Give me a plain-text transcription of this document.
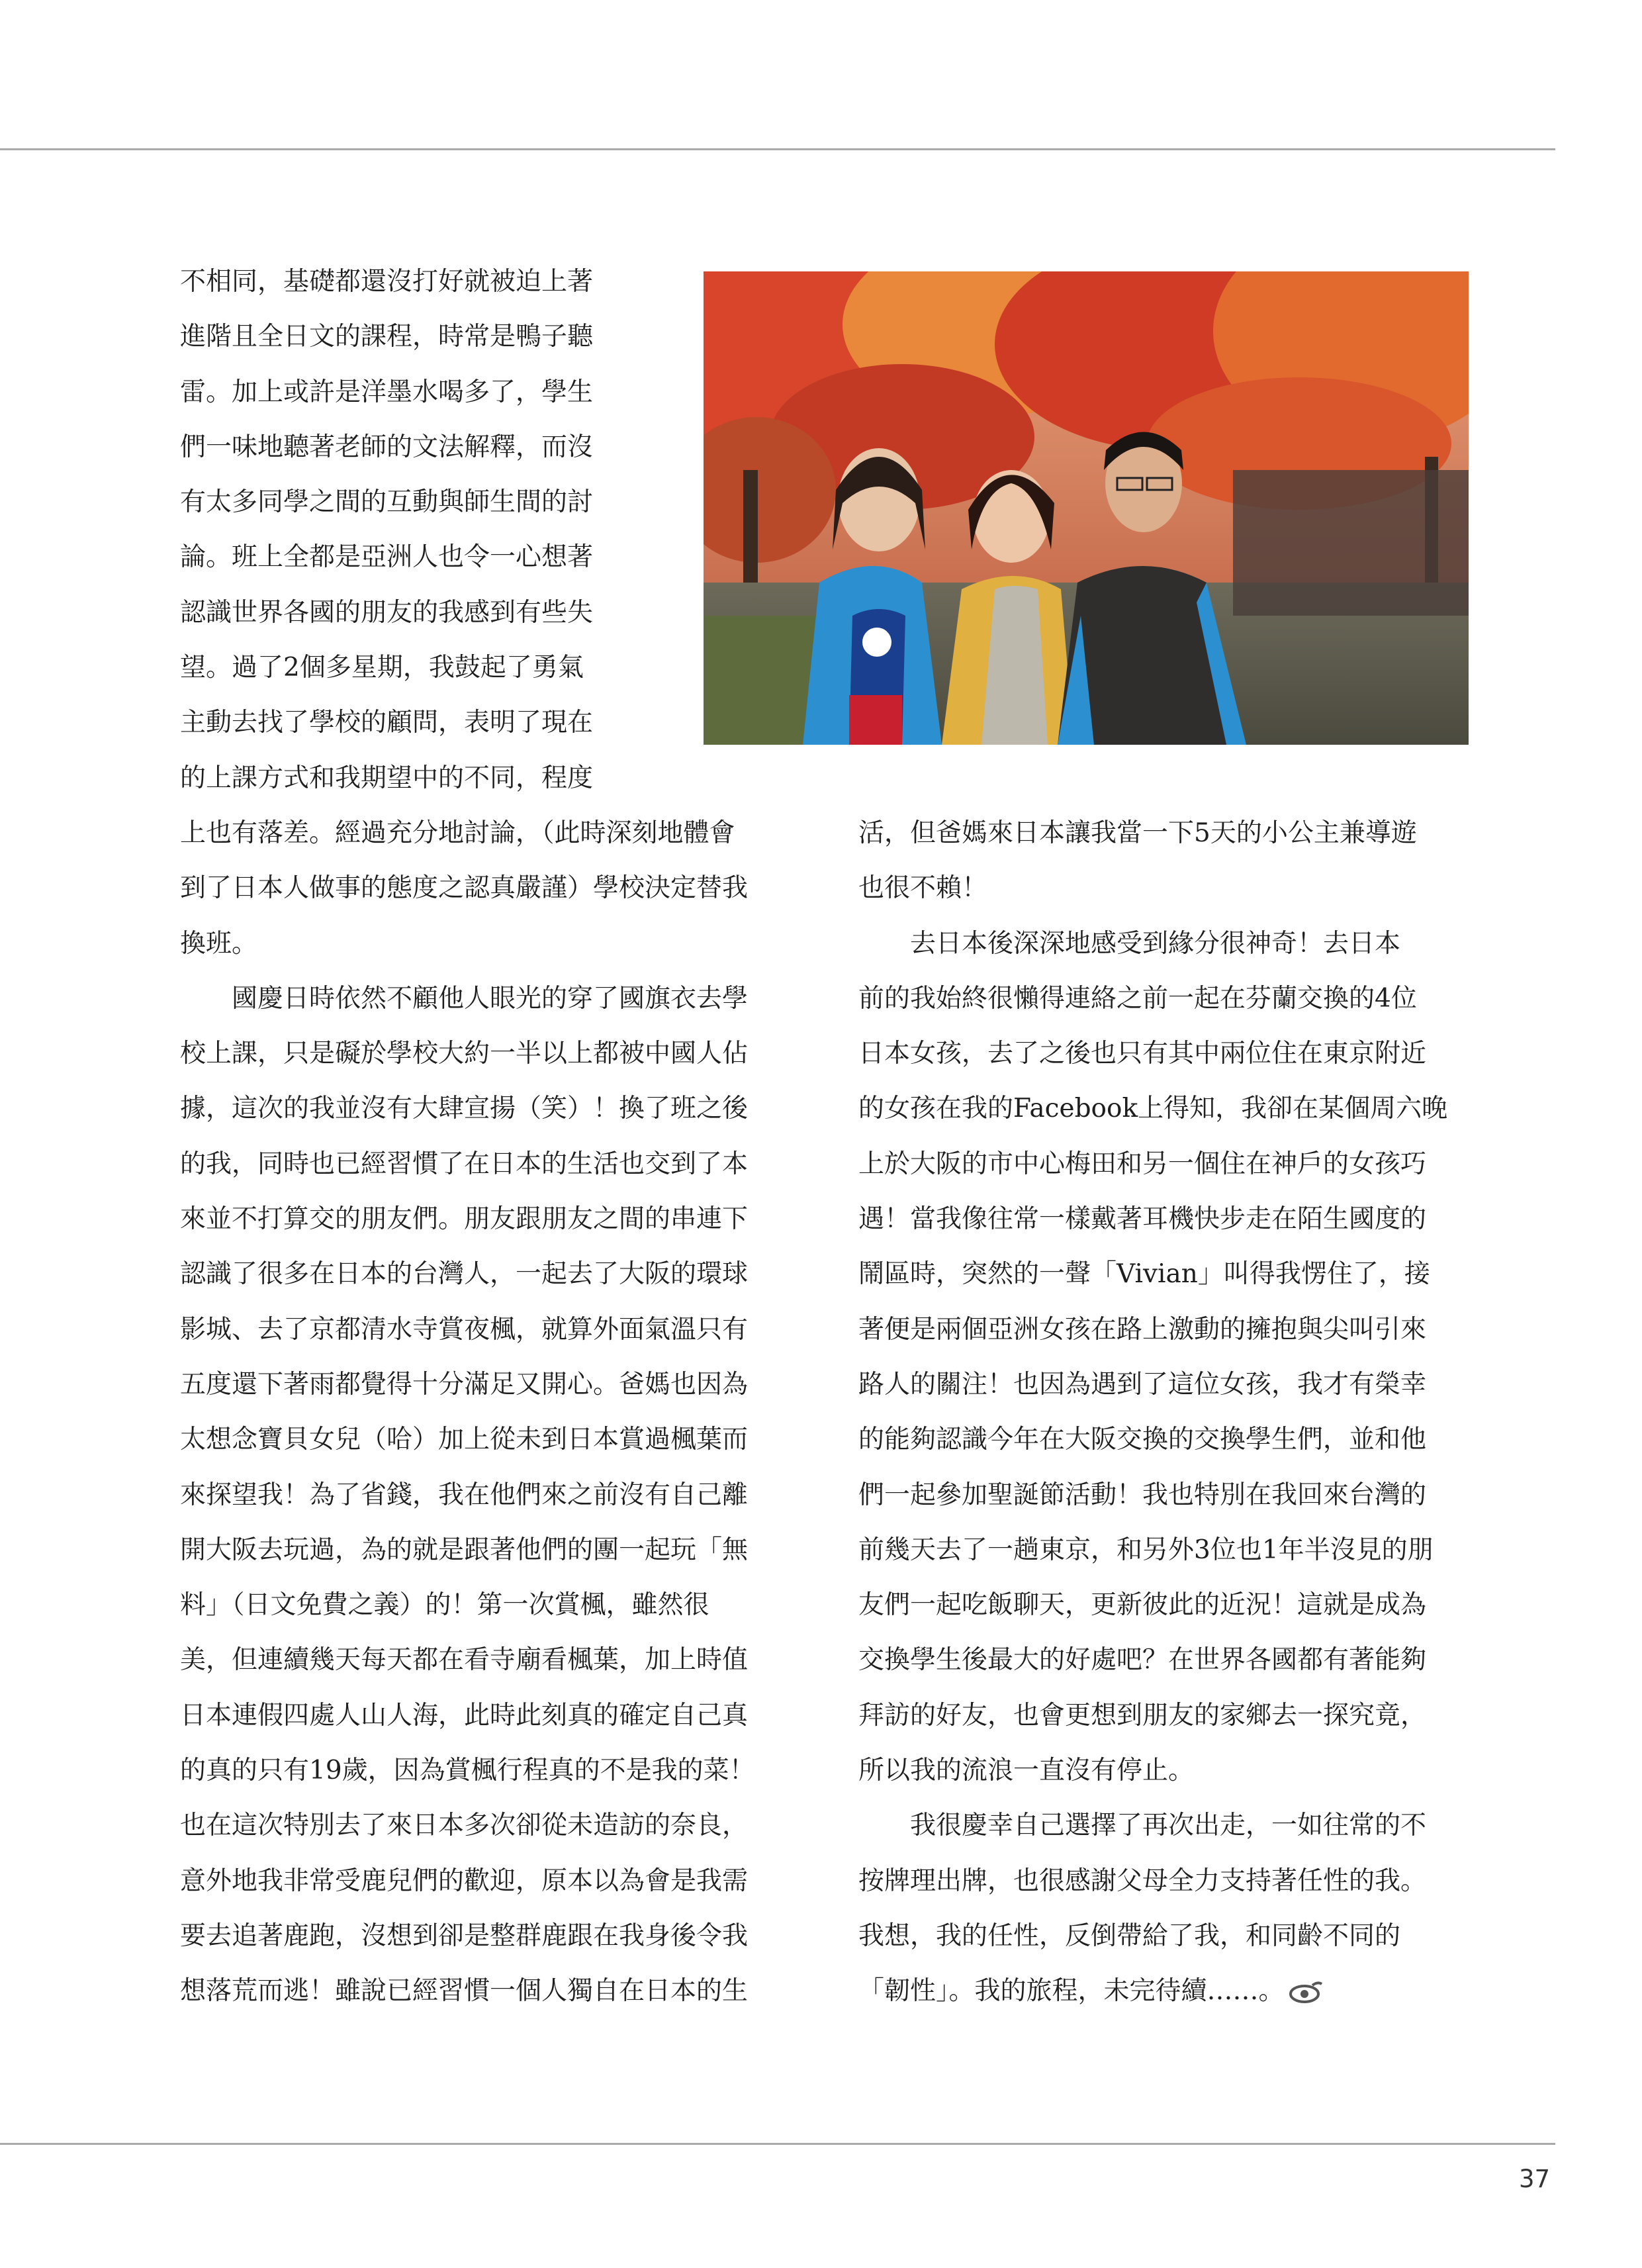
不相同，基礎都還沒打好就被迫上著

進階且全日文的課程，時常是鴨子聽

雷。加上或許是洋墨水喝多了，學生

們一味地聽著老師的文法解釋，而沒

有太多同學之間的互動與師生間的討

論。班上全都是亞洲人也令一心想著

認識世界各國的朋友的我感到有些失

望。過了2個多星期，我鼓起了勇氣

主動去找了學校的顧問，表明了現在

的上課方式和我期望中的不同，程度

上也有落差。經過充分地討論，（此時深刻地體會

到了日本人做事的態度之認真嚴謹）學校決定替我

換班。

　　國慶日時依然不顧他人眼光的穿了國旗衣去學

校上課，只是礙於學校大約一半以上都被中國人佔

據，這次的我並沒有大肆宣揚（笑）！換了班之後

的我，同時也已經習慣了在日本的生活也交到了本

來並不打算交的朋友們。朋友跟朋友之間的串連下

認識了很多在日本的台灣人，一起去了大阪的環球

影城、去了京都清水寺賞夜楓，就算外面氣溫只有

五度還下著雨都覺得十分滿足又開心。爸媽也因為

太想念寶貝女兒（哈）加上從未到日本賞過楓葉而

來探望我！為了省錢，我在他們來之前沒有自己離

開大阪去玩過，為的就是跟著他們的團一起玩「無

料」（日文免費之義）的！第一次賞楓，雖然很

美，但連續幾天每天都在看寺廟看楓葉，加上時值

日本連假四處人山人海，此時此刻真的確定自己真

的真的只有19歲，因為賞楓行程真的不是我的菜！

也在這次特別去了來日本多次卻從未造訪的奈良，

意外地我非常受鹿兒們的歡迎，原本以為會是我需

要去追著鹿跑，沒想到卻是整群鹿跟在我身後令我

想落荒而逃！雖說已經習慣一個人獨自在日本的生

活，但爸媽來日本讓我當一下5天的小公主兼導遊

也很不賴！

　　去日本後深深地感受到緣分很神奇！去日本

前的我始終很懶得連絡之前一起在芬蘭交換的4位

日本女孩，去了之後也只有其中兩位住在東京附近

的女孩在我的Facebook上得知，我卻在某個周六晚

上於大阪的市中心梅田和另一個住在神戶的女孩巧

遇！當我像往常一樣戴著耳機快步走在陌生國度的

鬧區時，突然的一聲「Vivian」叫得我愣住了，接

著便是兩個亞洲女孩在路上激動的擁抱與尖叫引來

路人的關注！也因為遇到了這位女孩，我才有榮幸

的能夠認識今年在大阪交換的交換學生們，並和他

們一起參加聖誕節活動！我也特別在我回來台灣的

前幾天去了一趟東京，和另外3位也1年半沒見的朋

友們一起吃飯聊天，更新彼此的近況！這就是成為

交換學生後最大的好處吧？在世界各國都有著能夠

拜訪的好友，也會更想到朋友的家鄉去一探究竟，

所以我的流浪一直沒有停止。

　　我很慶幸自己選擇了再次出走，一如往常的不

按牌理出牌，也很感謝父母全力支持著任性的我。

我想，我的任性，反倒帶給了我，和同齡不同的

「韌性」。我的旅程，未完待續……。

37
